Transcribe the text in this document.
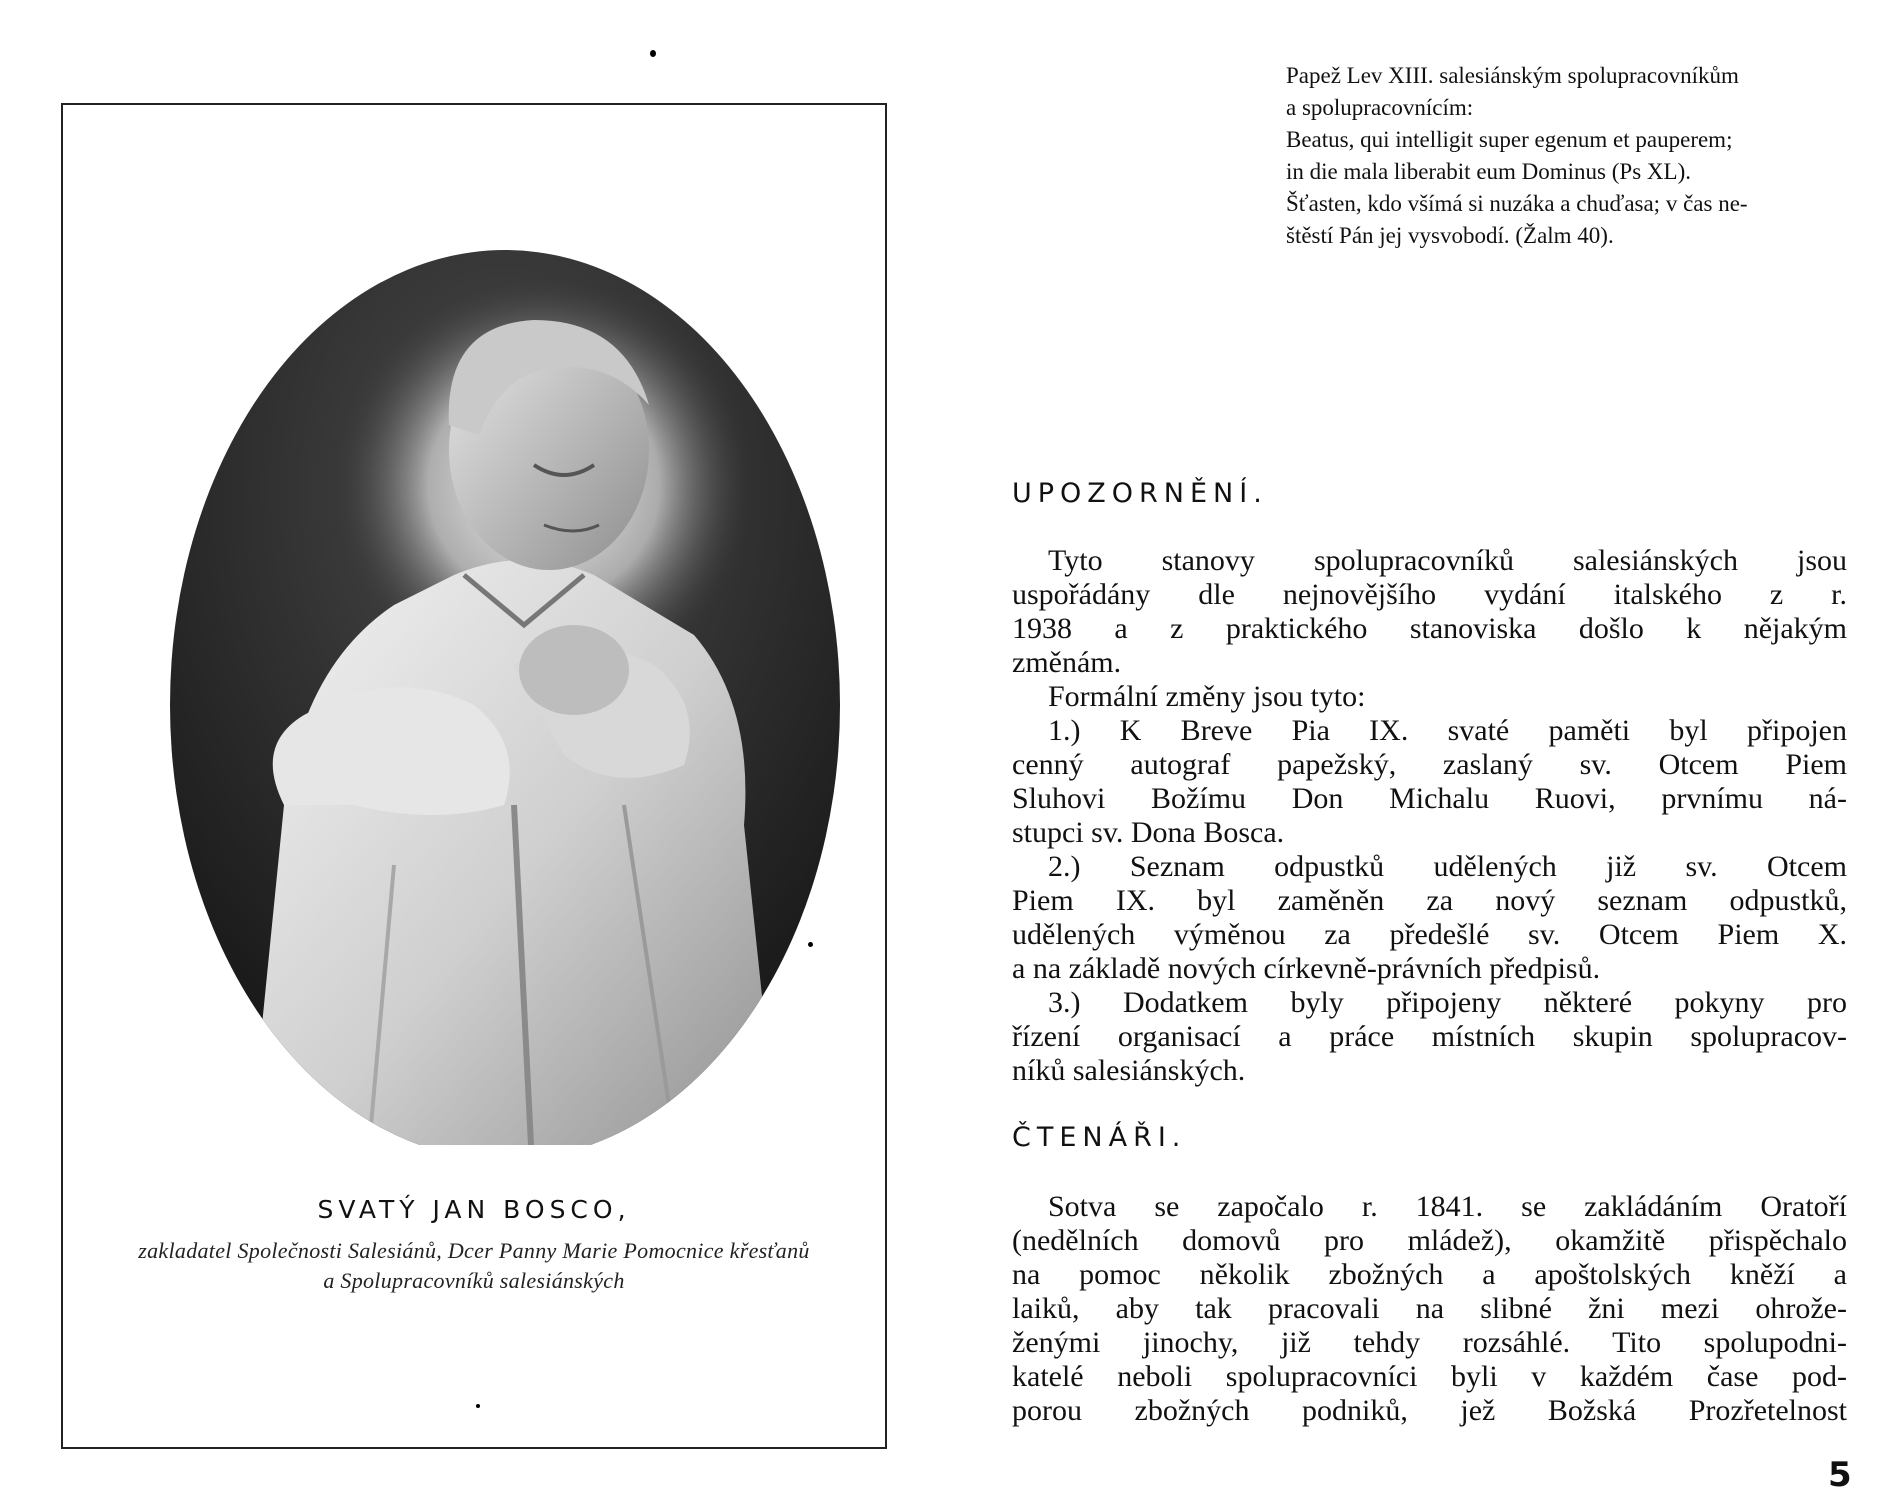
SVATÝ JAN BOSCO,
zakladatel Společnosti Salesiánů, Dcer Panny Marie Pomocnice křesťanů
a Spolupracovníků salesiánských
Papež Lev XIII. salesiánským spolupracovníkům
a spolupracovnícím:
Beatus, qui intelligit super egenum et pauperem;
in die mala liberabit eum Dominus (Ps XL).
Šťasten, kdo všímá si nuzáka a chuďasa; v čas ne-
štěstí Pán jej vysvobodí. (Žalm 40).
UPOZORNĚNÍ.
Tyto stanovy spolupracovníků salesiánských jsou
uspořádány dle nejnovějšího vydání italského z r.
1938 a z praktického stanoviska došlo k nějakým
změnám.
Formální změny jsou tyto:
1.) K Breve Pia IX. svaté paměti byl připojen
cenný autograf papežský, zaslaný sv. Otcem Piem
Sluhovi Božímu Don Michalu Ruovi, prvnímu ná-
stupci sv. Dona Bosca.
2.) Seznam odpustků udělených již sv. Otcem
Piem IX. byl zaměněn za nový seznam odpustků,
udělených výměnou za předešlé sv. Otcem Piem X.
a na základě nových církevně-právních předpisů.
3.) Dodatkem byly připojeny některé pokyny pro
řízení organisací a práce místních skupin spolupracov-
níků salesiánských.
ČTENÁŘI.
Sotva se započalo r. 1841. se zakládáním Oratoří
(nedělních domovů pro mládež), okamžitě přispěchalo
na pomoc několik zbožných a apoštolských kněží a
laiků, aby tak pracovali na slibné žni mezi ohrože-
ženými jinochy, již tehdy rozsáhlé. Tito spolupodni-
katelé neboli spolupracovníci byli v každém čase pod-
porou zbožných podniků, jež Božská Prozřetelnost
5
